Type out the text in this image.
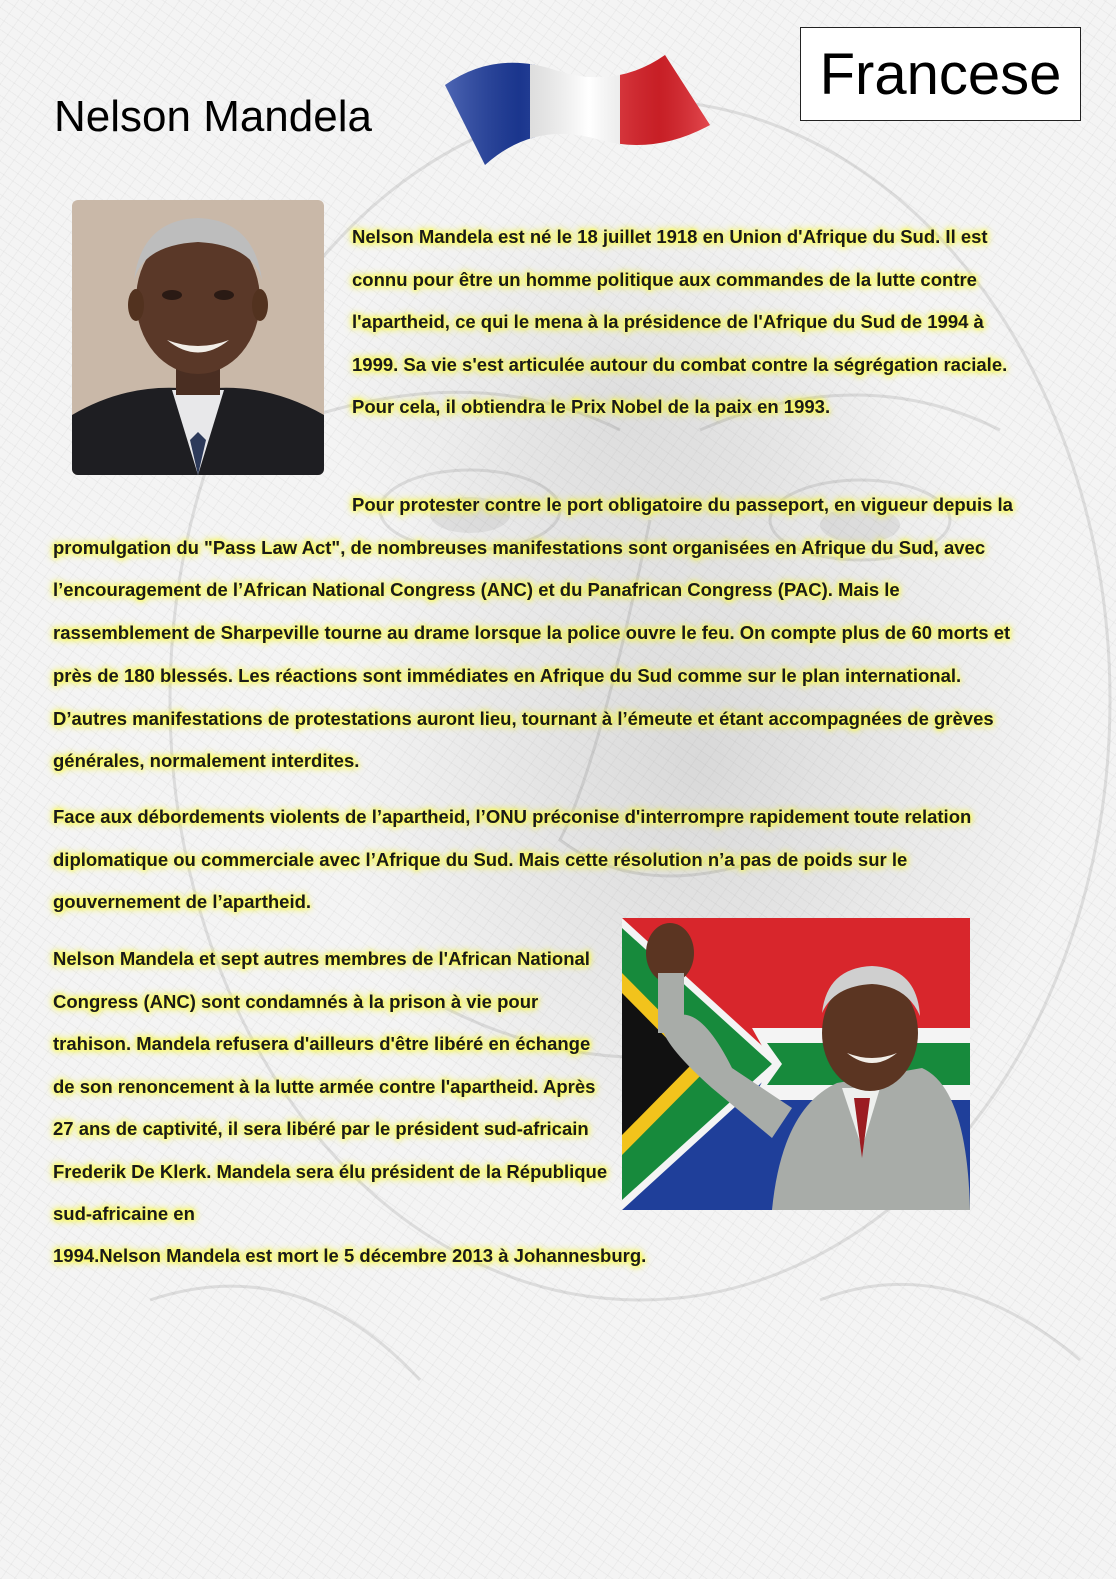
Nelson Mandela
Francese

Nelson Mandela est né le 18 juillet 1918 en Union d'Afrique du Sud. Il est connu pour être un homme politique aux commandes de la lutte contre l'apartheid, ce qui le mena à la présidence de l'Afrique du Sud de 1994 à 1999. Sa vie s'est articulée autour du combat contre la ségrégation raciale. Pour cela, il obtiendra le Prix Nobel de la paix en 1993.

Pour protester contre le port obligatoire du passeport, en vigueur depuis la promulgation du "Pass Law Act", de nombreuses manifestations sont organisées en Afrique du Sud, avec l’encouragement de l’African National Congress (ANC) et du Panafrican Congress (PAC). Mais le rassemblement de Sharpeville tourne au drame lorsque la police ouvre le feu. On compte plus de 60 morts et près de 180 blessés. Les réactions sont immédiates en Afrique du Sud comme sur le plan international. D’autres manifestations de protestations auront lieu, tournant à l’émeute et étant accompagnées de grèves générales, normalement interdites.

Face aux débordements violents de l’apartheid, l’ONU préconise d'interrompre rapidement toute relation diplomatique ou commerciale avec l’Afrique du Sud. Mais cette résolution n’a pas de poids sur le gouvernement de l’apartheid.

Nelson Mandela et sept autres membres de l'African National Congress (ANC) sont condamnés à la prison à vie pour trahison. Mandela refusera d'ailleurs d'être libéré en échange de son renoncement à la lutte armée contre l'apartheid. Après 27 ans de captivité, il sera libéré par le président sud-africain Frederik De Klerk. Mandela sera élu président de la République sud-africaine en

1994.Nelson Mandela est mort le 5 décembre 2013 à Johannesburg.
